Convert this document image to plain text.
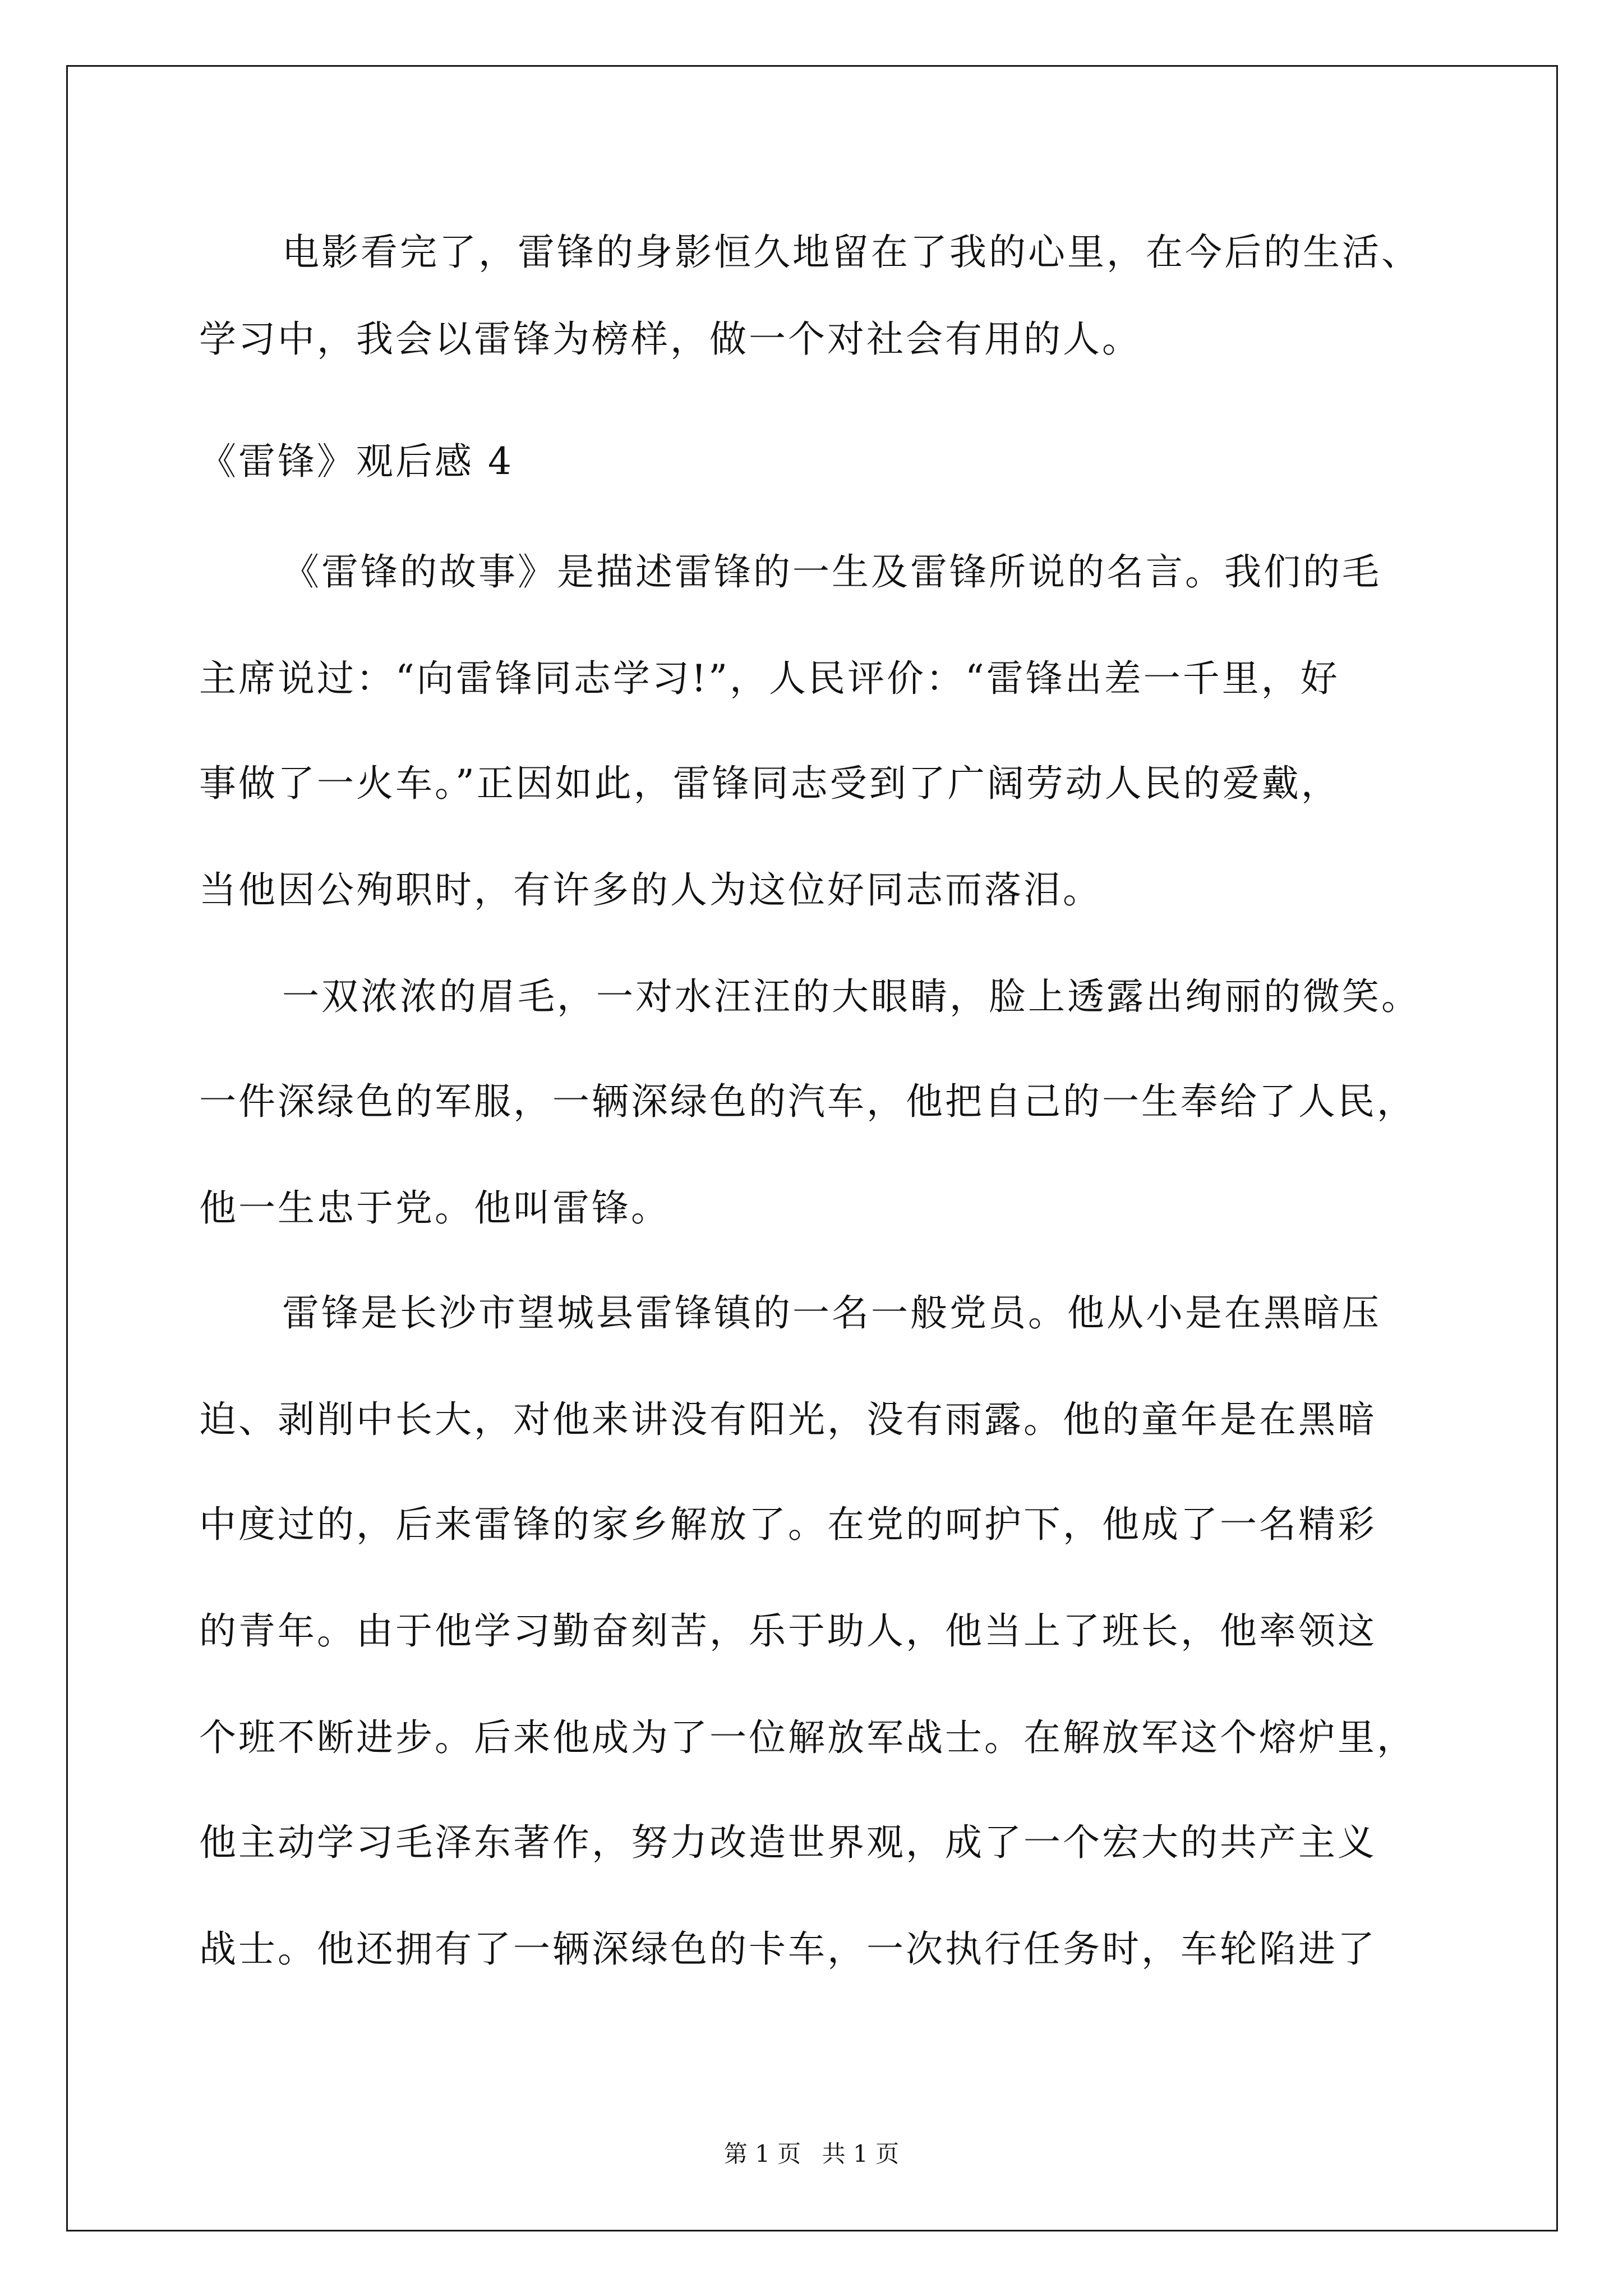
电影看完了，雷锋的身影恒久地留在了我的心里，在今后的生活、
学习中，我会以雷锋为榜样，做一个对社会有用的人。
《雷锋》观后感 4
《雷锋的故事》是描述雷锋的一生及雷锋所说的名言。我们的毛
主席说过：“向雷锋同志学习!”，人民评价：“雷锋出差一千里，好
事做了一火车。”正因如此，雷锋同志受到了广阔劳动人民的爱戴，
当他因公殉职时，有许多的人为这位好同志而落泪。
一双浓浓的眉毛，一对水汪汪的大眼睛，脸上透露出绚丽的微笑。
一件深绿色的军服，一辆深绿色的汽车，他把自己的一生奉给了人民，
他一生忠于党。他叫雷锋。
雷锋是长沙市望城县雷锋镇的一名一般党员。他从小是在黑暗压
迫、剥削中长大，对他来讲没有阳光，没有雨露。他的童年是在黑暗
中度过的，后来雷锋的家乡解放了。在党的呵护下，他成了一名精彩
的青年。由于他学习勤奋刻苦，乐于助人，他当上了班长，他率领这
个班不断进步。后来他成为了一位解放军战士。在解放军这个熔炉里，
他主动学习毛泽东著作，努力改造世界观，成了一个宏大的共产主义
战士。他还拥有了一辆深绿色的卡车，一次执行任务时，车轮陷进了
第 1 页 共 1 页
